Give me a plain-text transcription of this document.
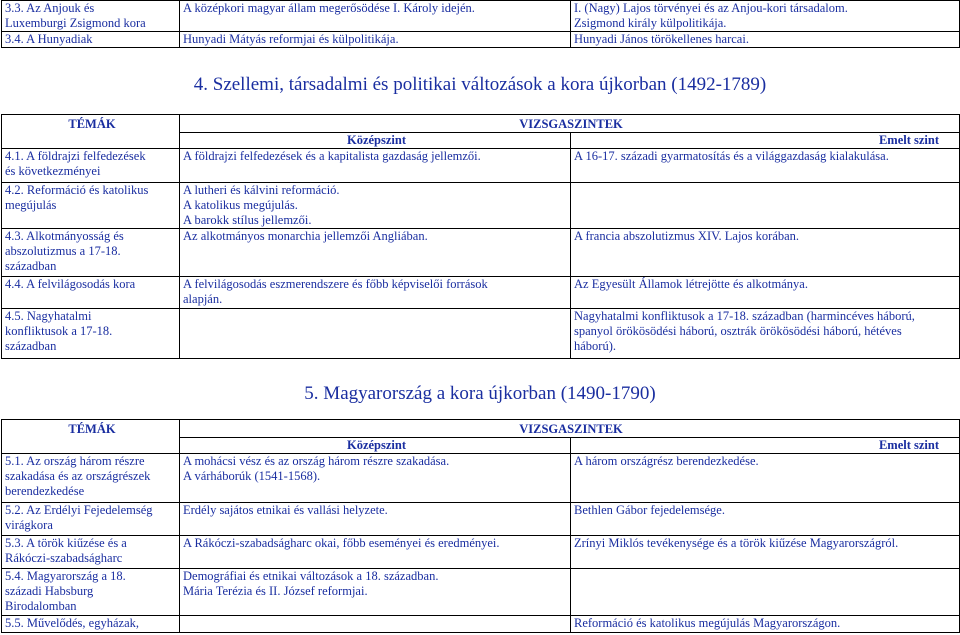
3.3. Az Anjouk és
Luxemburgi Zsigmond kora	A középkori magyar állam megerősödése I. Károly idején.	I. (Nagy) Lajos törvényei és az Anjou-kori társadalom.
Zsigmond király külpolitikája.

3.4. A Hunyadiak	Hunyadi Mátyás reformjai és külpolitikája.	Hunyadi János törökellenes harcai.
4. Szellemi, társadalmi és politikai változások a kora újkorban (1492-1789)
TÉMÁK	VIZSGASZINTEK	
	Középszint	Emelt szint

4.1. A földrajzi felfedezések
és következményei	A földrajzi felfedezések és a kapitalista gazdaság jellemzői.	A 16-17. századi gyarmatosítás és a világgazdaság kialakulása.

4.2. Reformáció és katolikus
megújulás	A lutheri és kálvini reformáció.
A katolikus megújulás.
A barokk stílus jellemzői.	

4.3. Alkotmányosság és
abszolutizmus a 17-18.
században	Az alkotmányos monarchia jellemzői Angliában.	A francia abszolutizmus XIV. Lajos korában.

4.4. A felvilágosodás kora	A felvilágosodás eszmerendszere és főbb képviselői források
alapján.	Az Egyesült Államok létrejötte és alkotmánya.

4.5. Nagyhatalmi
konfliktusok a 17-18.
században		Nagyhatalmi konfliktusok a 17-18. században (harmincéves háború,
spanyol örökösödési háború, osztrák örökösödési háború, hétéves
háború).
5. Magyarország a kora újkorban (1490-1790)
TÉMÁK	VIZSGASZINTEK	
	Középszint	Emelt szint

5.1. Az ország három részre
szakadása és az országrészek
berendezkedése	A mohácsi vész és az ország három részre szakadása.
A várháborúk (1541-1568).	A három országrész berendezkedése.

5.2. Az Erdélyi Fejedelemség
virágkora	Erdély sajátos etnikai és vallási helyzete.	Bethlen Gábor fejedelemsége.

5.3. A török kiűzése és a
Rákóczi-szabadságharc	A Rákóczi-szabadságharc okai, főbb eseményei és eredményei.	Zrínyi Miklós tevékenysége és a török kiűzése Magyarországról.

5.4. Magyarország a 18.
századi Habsburg
Birodalomban	Demográfiai és etnikai változások a 18. században.
Mária Terézia és II. József reformjai.	

5.5. Művelődés, egyházak,		Reformáció és katolikus megújulás Magyarországon.
